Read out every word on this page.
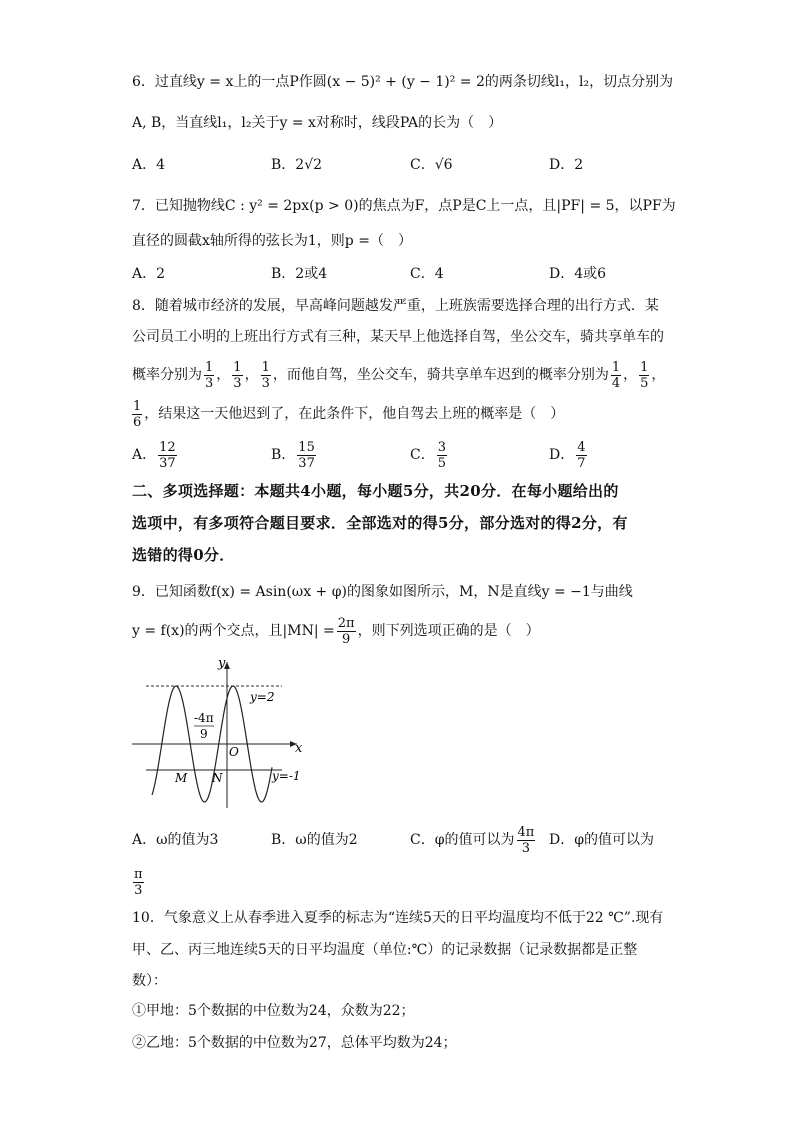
6．过直线y = x上的一点P作圆(x − 5)² + (y − 1)² = 2的两条切线l₁，l₂，切点分别为
A, B，当直线l₁，l₂关于y = x对称时，线段PA的长为（　）
A．4	B．2√2	C．√6	D．2
7．已知抛物线C : y² = 2px(p > 0)的焦点为F，点P是C上一点，且|PF| = 5，以PF为
直径的圆截x轴所得的弦长为1，则p =（　）
A．2	B．2或4	C．4	D．4或6
8．随着城市经济的发展，早高峰问题越发严重，上班族需要选择合理的出行方式．某
公司员工小明的上班出行方式有三种，某天早上他选择自驾，坐公交车，骑共享单车的
概率分别为 $\frac{1}{3}$ ， $\frac{1}{3}$ ， $\frac{1}{3}$ ，而他自驾，坐公交车，骑共享单车迟到的概率分别为 $\frac{1}{4}$ ， $\frac{1}{5}$ ，
$\frac{1}{6}$ ，结果这一天他迟到了，在此条件下，他自驾去上班的概率是（　）
A． $\frac{12}{37}$	B． $\frac{15}{37}$	C． $\frac{3}{5}$	D． $\frac{4}{7}$
二、多项选择题：本题共4小题，每小题5分，共20分．在每小题给出的
选项中，有多项符合题目要求．全部选对的得5分，部分选对的得2分，有
选错的得0分．
9．已知函数f(x) = Asin(ωx + φ)的图象如图所示，M，N是直线y = −1与曲线
y = f(x)的两个交点，且$|MN| = \frac{2\pi}{9}$ ，则下列选项正确的是（　）
y
x
O
y=2
y=-1
M N
-4π
9
A．ω的值为3	B．ω的值为2	C．φ的值可以为 $\frac{4\pi}{3}$ D．φ的值可以为
$\frac{\pi}{3}$
10．气象意义上从春季进入夏季的标志为“连续5天的日平均温度均不低于22 ℃”.现有
甲、乙、丙三地连续5天的日平均温度（单位:℃）的记录数据（记录数据都是正整
数）：
①甲地：5个数据的中位数为24，众数为22；
②乙地：5个数据的中位数为27，总体平均数为24；
